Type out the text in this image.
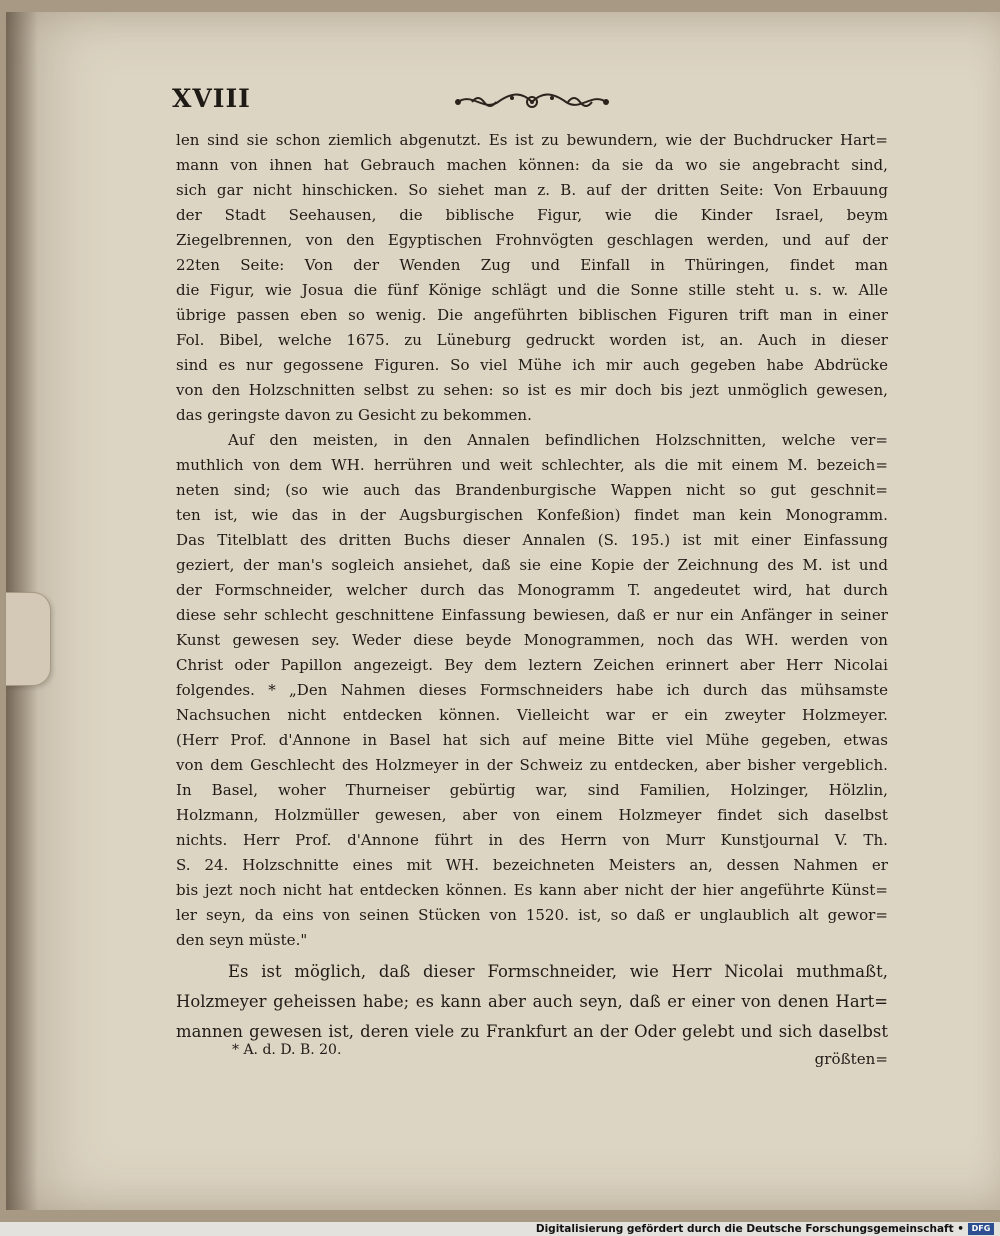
XVIII
len sind sie schon ziemlich abgenutzt. Es ist zu bewundern, wie der Buchdrucker Hart=
mann von ihnen hat Gebrauch machen können: da sie da wo sie angebracht sind,
sich gar nicht hinschicken. So siehet man z. B. auf der dritten Seite: Von Erbauung
der Stadt Seehausen, die biblische Figur, wie die Kinder Israel, beym
Ziegelbrennen, von den Egyptischen Frohnvögten geschlagen werden, und auf der
22ten Seite: Von der Wenden Zug und Einfall in Thüringen, findet man
die Figur, wie Josua die fünf Könige schlägt und die Sonne stille steht u. s. w. Alle
übrige passen eben so wenig. Die angeführten biblischen Figuren trift man in einer
Fol. Bibel, welche 1675. zu Lüneburg gedruckt worden ist, an. Auch in dieser
sind es nur gegossene Figuren. So viel Mühe ich mir auch gegeben habe Abdrücke
von den Holzschnitten selbst zu sehen: so ist es mir doch bis jezt unmöglich gewesen,
das geringste davon zu Gesicht zu bekommen.
Auf den meisten, in den Annalen befindlichen Holzschnitten, welche ver=
muthlich von dem WH. herrühren und weit schlechter, als die mit einem M. bezeich=
neten sind; (so wie auch das Brandenburgische Wappen nicht so gut geschnit=
ten ist, wie das in der Augsburgischen Konfeßion) findet man kein Monogramm.
Das Titelblatt des dritten Buchs dieser Annalen (S. 195.) ist mit einer Einfassung
geziert, der man's sogleich ansiehet, daß sie eine Kopie der Zeichnung des M. ist und
der Formschneider, welcher durch das Monogramm T. angedeutet wird, hat durch
diese sehr schlecht geschnittene Einfassung bewiesen, daß er nur ein Anfänger in seiner
Kunst gewesen sey. Weder diese beyde Monogrammen, noch das WH. werden von
Christ oder Papillon angezeigt. Bey dem leztern Zeichen erinnert aber Herr Nicolai
folgendes. * „Den Nahmen dieses Formschneiders habe ich durch das mühsamste
Nachsuchen nicht entdecken können. Vielleicht war er ein zweyter Holzmeyer.
(Herr Prof. d'Annone in Basel hat sich auf meine Bitte viel Mühe gegeben, etwas
von dem Geschlecht des Holzmeyer in der Schweiz zu entdecken, aber bisher vergeblich.
In Basel, woher Thurneiser gebürtig war, sind Familien, Holzinger, Hölzlin,
Holzmann, Holzmüller gewesen, aber von einem Holzmeyer findet sich daselbst
nichts. Herr Prof. d'Annone führt in des Herrn von Murr Kunstjournal V. Th.
S. 24. Holzschnitte eines mit WH. bezeichneten Meisters an, dessen Nahmen er
bis jezt noch nicht hat entdecken können. Es kann aber nicht der hier angeführte Künst=
ler seyn, da eins von seinen Stücken von 1520. ist, so daß er unglaublich alt gewor=
den seyn müste."
Es ist möglich, daß dieser Formschneider, wie Herr Nicolai muthmaßt,
Holzmeyer geheissen habe; es kann aber auch seyn, daß er einer von denen Hart=
mannen gewesen ist, deren viele zu Frankfurt an der Oder gelebt und sich daselbst
größten=
* A. d. D. B. 20.
Digitalisierung gefördert durch die Deutsche Forschungsgemeinschaft • DFG
